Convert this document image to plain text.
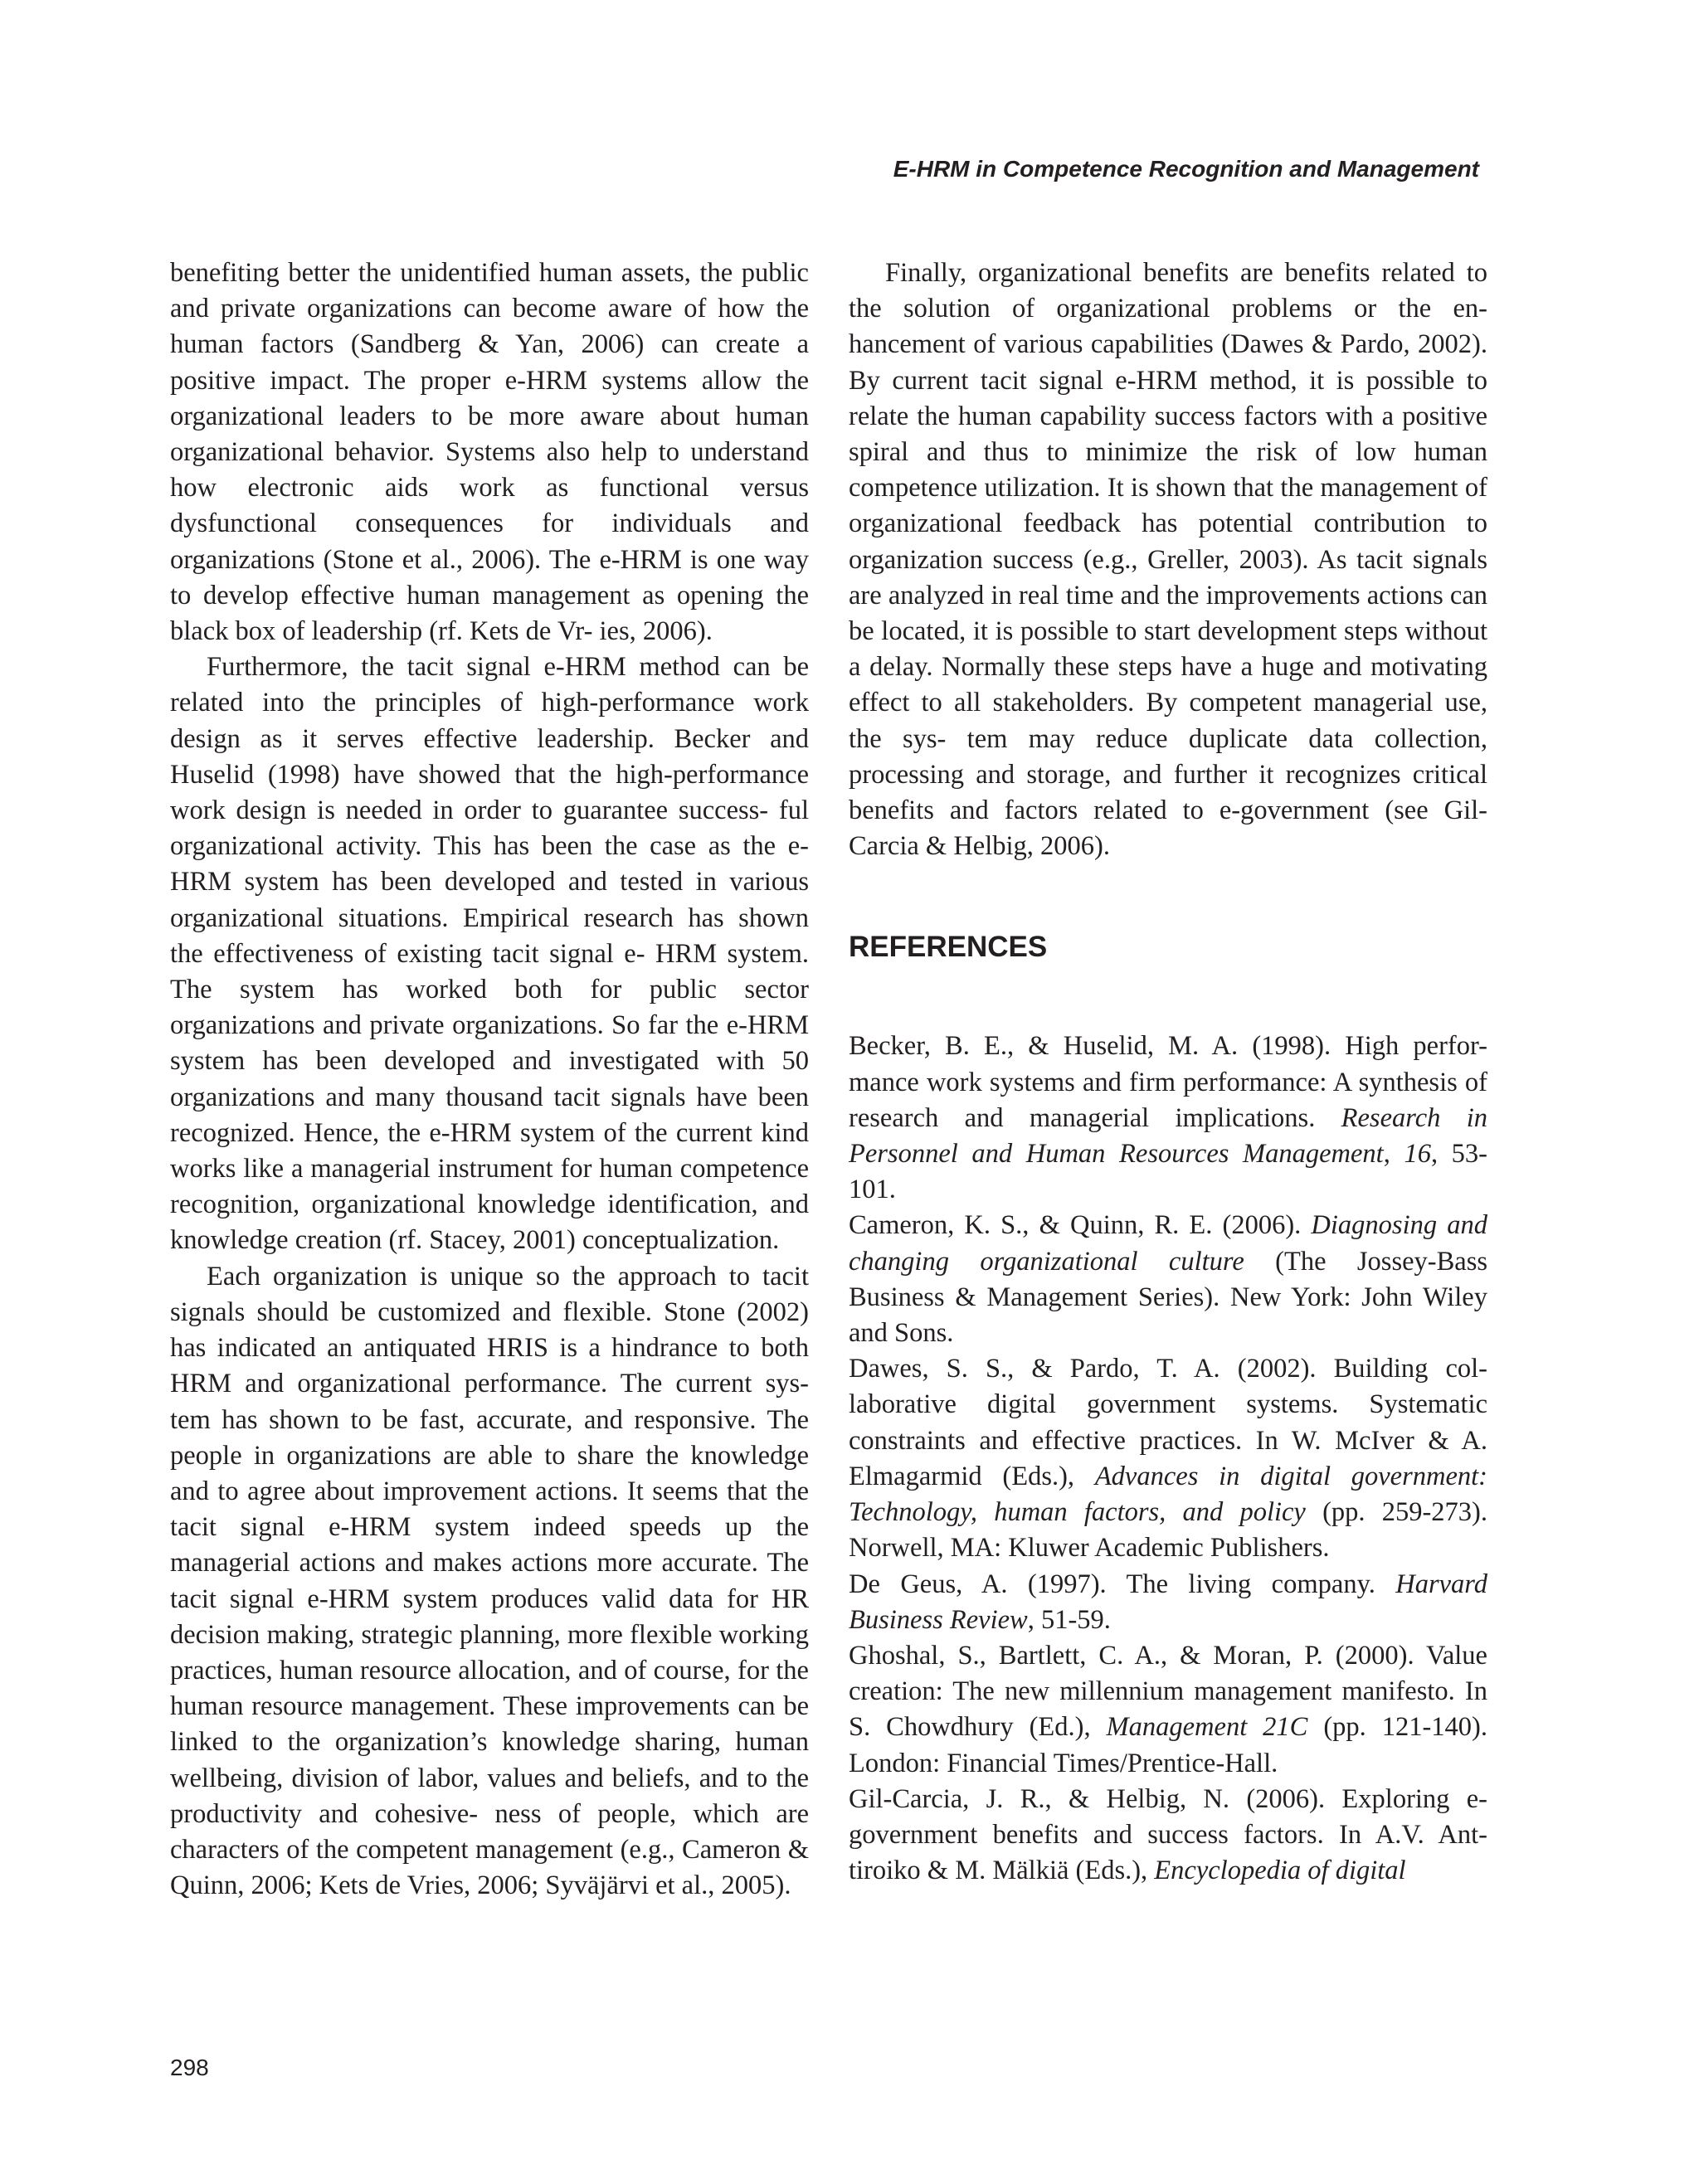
E-HRM in Competence Recognition and Management

benefiting better the unidentified human assets, the public and private organizations can become aware of how the human factors (Sandberg & Yan, 2006) can create a positive impact. The proper e-HRM systems allow the organizational leaders to be more aware about human organizational behavior. Systems also help to understand how electronic aids work as functional versus dysfunctional consequences for individuals and organizations (Stone et al., 2006). The e-HRM is one way to develop effective human management as opening the black box of leadership (rf. Kets de Vr- ies, 2006).

Furthermore, the tacit signal e-HRM method can be related into the principles of high-performance work design as it serves effective leadership. Becker and Huselid (1998) have showed that the high-performance work design is needed in order to guarantee success- ful organizational activity. This has been the case as the e-HRM system has been developed and tested in various organizational situations. Empirical research has shown the effectiveness of existing tacit signal e- HRM system. The system has worked both for public sector organizations and private organizations. So far the e-HRM system has been developed and investigated with 50 organizations and many thousand tacit signals have been recognized. Hence, the e-HRM system of the current kind works like a managerial instrument for human competence recognition, organizational knowledge identification, and knowledge creation (rf. Stacey, 2001) conceptualization.

Each organization is unique so the approach to tacit signals should be customized and flexible. Stone (2002) has indicated an antiquated HRIS is a hindrance to both HRM and organizational performance. The current sys- tem has shown to be fast, accurate, and responsive. The people in organizations are able to share the knowledge and to agree about improvement actions. It seems that the tacit signal e-HRM system indeed speeds up the managerial actions and makes actions more accurate. The tacit signal e-HRM system produces valid data for HR decision making, strategic planning, more flexible working practices, human resource allocation, and of course, for the human resource management. These improvements can be linked to the organization’s knowledge sharing, human wellbeing, division of labor, values and beliefs, and to the productivity and cohesive- ness of people, which are characters of the competent management (e.g., Cameron & Quinn, 2006; Kets de Vries, 2006; Syväjärvi et al., 2005).

Finally, organizational benefits are benefits related to the solution of organizational problems or the en- hancement of various capabilities (Dawes & Pardo, 2002). By current tacit signal e-HRM method, it is possible to relate the human capability success factors with a positive spiral and thus to minimize the risk of low human competence utilization. It is shown that the management of organizational feedback has potential contribution to organization success (e.g., Greller, 2003). As tacit signals are analyzed in real time and the improvements actions can be located, it is possible to start development steps without a delay. Normally these steps have a huge and motivating effect to all stakeholders. By competent managerial use, the sys- tem may reduce duplicate data collection, processing and storage, and further it recognizes critical benefits and factors related to e-government (see Gil-Carcia & Helbig, 2006).

REFERENCES

Becker, B. E., & Huselid, M. A. (1998). High perfor- mance work systems and firm performance: A synthesis of research and managerial implications. Research in Personnel and Human Resources Management, 16, 53-101.

Cameron, K. S., & Quinn, R. E. (2006). Diagnosing and changing organizational culture (The Jossey-Bass Business & Management Series). New York: John Wiley and Sons.

Dawes, S. S., & Pardo, T. A. (2002). Building col- laborative digital government systems. Systematic constraints and effective practices. In W. McIver & A. Elmagarmid (Eds.), Advances in digital government: Technology, human factors, and policy (pp. 259-273). Norwell, MA: Kluwer Academic Publishers.

De Geus, A. (1997). The living company. Harvard Business Review, 51-59.

Ghoshal, S., Bartlett, C. A., & Moran, P. (2000). Value creation: The new millennium management manifesto. In S. Chowdhury (Ed.), Management 21C (pp. 121-140). London: Financial Times/Prentice-Hall.

Gil-Carcia, J. R., & Helbig, N. (2006). Exploring e- government benefits and success factors. In A.V. Ant- tiroiko & M. Mälkiä (Eds.), Encyclopedia of digital

298
